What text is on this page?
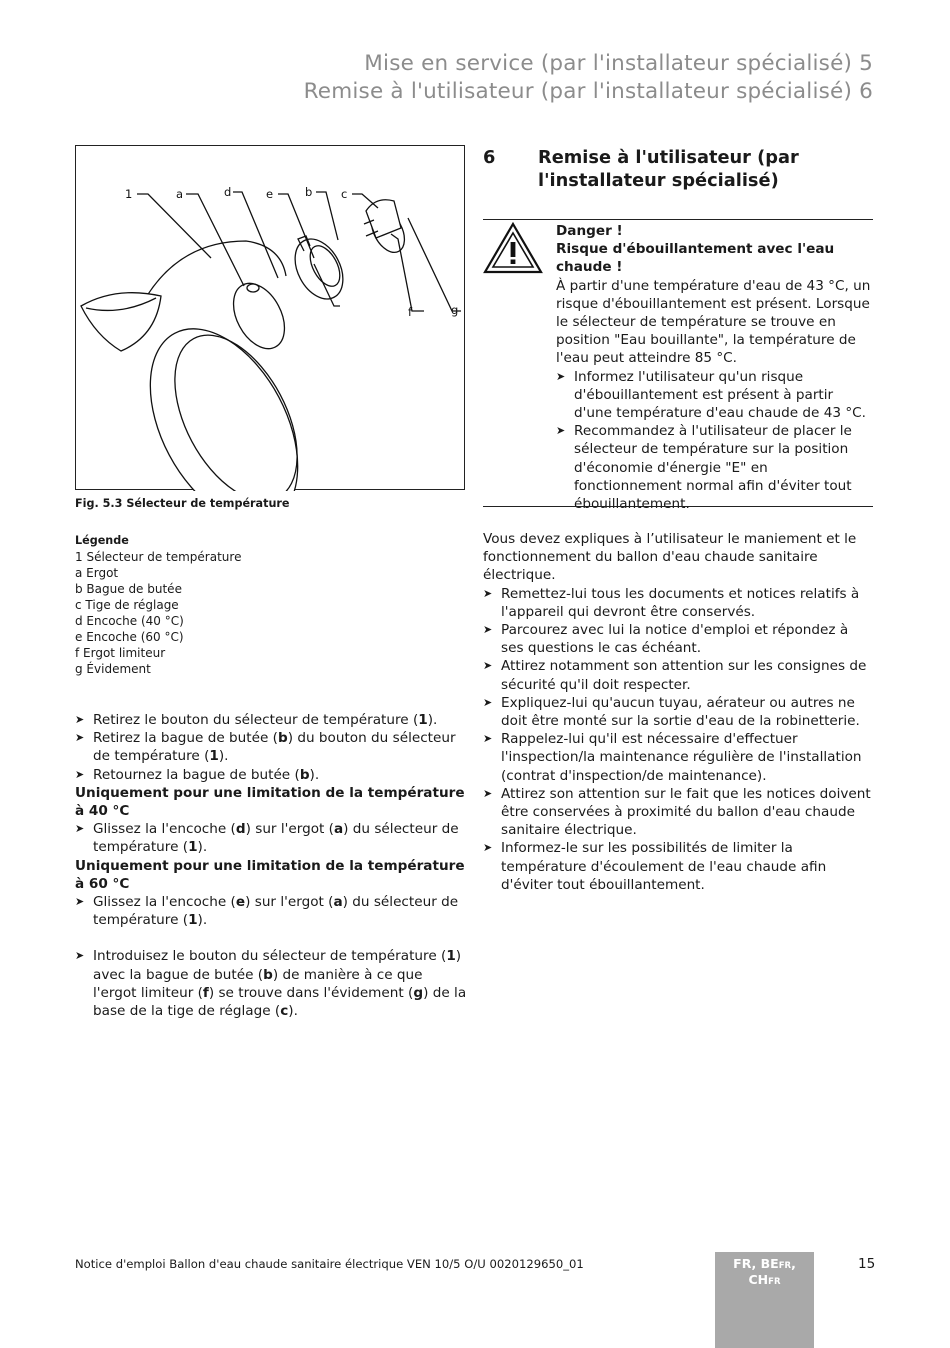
Mise en service (par l'installateur spécialisé) 5
Remise à l'utilisateur (par l'installateur spécialisé) 6
1	a	d	e	b c
f	g
Fig. 5.3 Sélecteur de température
Légende
1 Sélecteur de température
a Ergot
b Bague de butée
c Tige de réglage
d Encoche (40 °C)
e Encoche (60 °C)
f Ergot limiteur
g Évidement
➤ Retirez le bouton du sélecteur de température (1).
➤ Retirez la bague de butée (b) du bouton du sélecteur de température (1).
➤ Retournez la bague de butée (b).
Uniquement pour une limitation de la température à 40 °C
➤ Glissez la l'encoche (d) sur l'ergot (a) du sélecteur de température (1).
Uniquement pour une limitation de la température à 60 °C
➤ Glissez la l'encoche (e) sur l'ergot (a) du sélecteur de température (1).
➤ Introduisez le bouton du sélecteur de température (1) avec la bague de butée (b) de manière à ce que l'ergot limiteur (f) se trouve dans l'évidement (g) de la base de la tige de réglage (c).
6 Remise à l'utilisateur (par l'installateur spécialisé)
Danger !
Risque d'ébouillantement avec l'eau chaude !
À partir d'une température d'eau de 43 °C, un risque d'ébouillantement est présent. Lorsque le sélecteur de température se trouve en position "Eau bouillante", la température de l'eau peut atteindre 85 °C.
➤ Informez l'utilisateur qu'un risque d'ébouillantement est présent à partir d'une température d'eau chaude de 43 °C.
➤ Recommandez à l'utilisateur de placer le sélecteur de température sur la position d'économie d'énergie "E" en fonctionnement normal afin d'éviter tout ébouillantement.
Vous devez expliques à l’utilisateur le maniement et le fonctionnement du ballon d'eau chaude sanitaire électrique.
➤ Remettez-lui tous les documents et notices relatifs à l'appareil qui devront être conservés.
➤ Parcourez avec lui la notice d'emploi et répondez à ses questions le cas échéant.
➤ Attirez notamment son attention sur les consignes de sécurité qu'il doit respecter.
➤ Expliquez-lui qu'aucun tuyau, aérateur ou autres ne doit être monté sur la sortie d'eau de la robinetterie.
➤ Rappelez-lui qu'il est nécessaire d'effectuer l'inspection/la maintenance régulière de l'installation (contrat d'inspection/de maintenance).
➤ Attirez son attention sur le fait que les notices doivent être conservées à proximité du ballon d'eau chaude sanitaire électrique.
➤ Informez-le sur les possibilités de limiter la température d'écoulement de l'eau chaude afin d'éviter tout ébouillantement.
Notice d'emploi Ballon d'eau chaude sanitaire électrique VEN 10/5 O/U 0020129650_01	FR, BEFR,
CHFR
15
